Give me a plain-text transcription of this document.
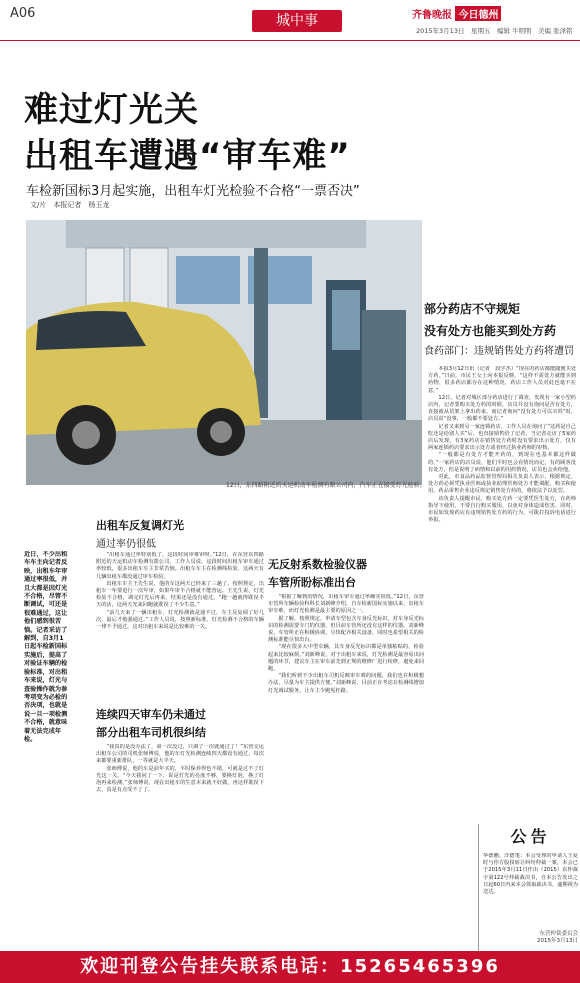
A06	城中事	齐鲁晚报 今日德州
2015年3月13日　星期五　编辑 牛明明　美编 张泽铭
难过灯光关
出租车遭遇“审车难”
车检新国标3月起实施，出租车灯光检验不合格“一票否决”
文/片　本报记者　杨玉龙
12日，东四路附近的天运机动车检测有限公司内，汽车正在接受灯光检验。
部分药店不守规矩
没有处方也能买到处方药
食药部门：违规销售处方药将遭罚

本报3月12日讯（记者　段学杰）“现在的药店都能随便买处方药。”日前，市民王女士向本报反映，“这样不需处方就能买到药物，很多药店都存在这种情况，药店工作人员对此也毫不在意。”

12日，记者对城区部分药店进行了调查，发现有一家小型药店内，记者要购买处方药的时候，店员并没有询问是否有处方，直接就从货架上拿出药来。而记者询问“没有处方可以买吗”时，店员说“没事，一般都不要处方。”

记者又来到另一家连锁药店，工作人员在询问了“这药是自己吃还是给别人买”后，也直接销售给了记者。当记者走访了5家药店后发现，有3家药店在销售处方药时没有要求出示处方，仅有两家连锁药店要求出示处方或者经过执业药师的审核。

“一般都是有处方才能开药的，到现在也基本都这样做的，”一家药店的店员说，他们平时也会看情况而定，有的顾客没有处方，但是说明了病情和以前的用药情况，店员也会卖给他。

对此，市食品药品监督管理局相关负责人表示，根据规定，处方药必须凭执业医师或执业助理医师处方才能调配、购买和使用。药品零售企业违反规定销售处方药的，将依法予以处罚。

该负责人提醒市民，购买处方药一定要凭医生处方，在药师指导下使用，不要自行购买服用，以免对身体造成伤害。同时，市民如发现药店有违规销售处方药的行为，可拨打投诉电话进行举报。

近日，不少出租车车主向记者反映，出租车年审通过率很低，并且大都是因灯光不合格，尽管不断调试，可还是很难通过，这让他们感到很苦恼。记者采访了解到，自3月1日起车检新国标实施后，提高了对验证车辆的检验标准，对出租车来说，灯光与查验操作就为参考项变为必检的否决项，也就是说一旦一项检测不合格，就意味着无法完成年检。
出租车反复调灯光
通过率仍很低

“出租车通过率特别低了，这段时间审难审呀。”12日，在东营东四路附近的天运机动车检测有限公司，工作人员说，这段时间出租车审车通过率较低，很多出租车车主非常苦恼。出租车车主在检测线检验，这两天有几辆出租车都没通过审车检验。

出租车车主王先生说，他的车这两天已经来了三趟了。按照规定，出租车一年要进行一次年审，如果年审不合格就不能营运。王先生说，灯光检验不合格，调完灯光后再来，结果还是没有通过。“跑一趟就得耽误半天的活，这两天光来回跑就耽误了不少生意。”

“前几天来了一辆出租车，灯光检测就是通不过，车主反复调了好几次，最后才勉强通过。”工作人员说，按照新标准，灯光检测不合格的车辆一律不予通过，这对出租车来说是比较难的一关。

连续四天审车仍未通过
部分出租车司机很纠结

“我真的是没办法了，第一次没过，只调了一次就通过了！”东营交运出租车公司的司机张师傅说，他的车灯光检测连续四天都没有通过，每次来都要重新排队，一等就是大半天。

张师傅说，他的车是前年买的，平时保养得也不错，可就是过不了灯光这一关。“今天我问了一下，说是灯光的亮度不够，要换灯泡，换了灯泡再来检测。”张师傅说，现在出租车的生意本来就不好做，再这样耽误下去，真是有点受不了了。

无反射系数检验仪器
车管所盼标准出台

“根据了解到的情况，出租车审车通过率确实很低。”12日，东营车管所车辆检验科科长刘新峰介绍，自车检新国标实施以来，出租车审车难，而灯光检测是最主要的原因之一。

据了解，按照规定，申请车型包含车身反光标识，对车身反光标识的检测需要专门的仪器，但目前车管所还没有这样的仪器。刘新峰说，车管所正在积极协调，尽快配齐相关设备，同时也希望相关的检测标准能尽快出台。

“现在很多大中型车辆，其车身反光标识都是单独粘贴的，检验起来比较麻烦。”刘新峰说，对于出租车来说，灯光检测是最容易出问题的环节，建议车主在审车前先到正规的维修厂进行检修，避免来回跑。

“我们听到不少出租车司机反映审车难的问题，我们也在积极想办法，尽量为车主提供方便。”刘新峰说，目前正在考虑在检测线增加灯光调试服务，让车主少跑冤枉路。

公告
华德鹏、洋德笔：本会受理的申请人王爱时与你方股权转让纠纷仲裁一案，本会已于2015年3月11日作出（2015）东仲裁字第122号仲裁裁决书，自本公告发出之日起60日内来本会领取裁决书，逾期视为送达。
东营仲裁委员会
2015年3月13日
欢迎刊登公告挂失联系电话：15265465396
